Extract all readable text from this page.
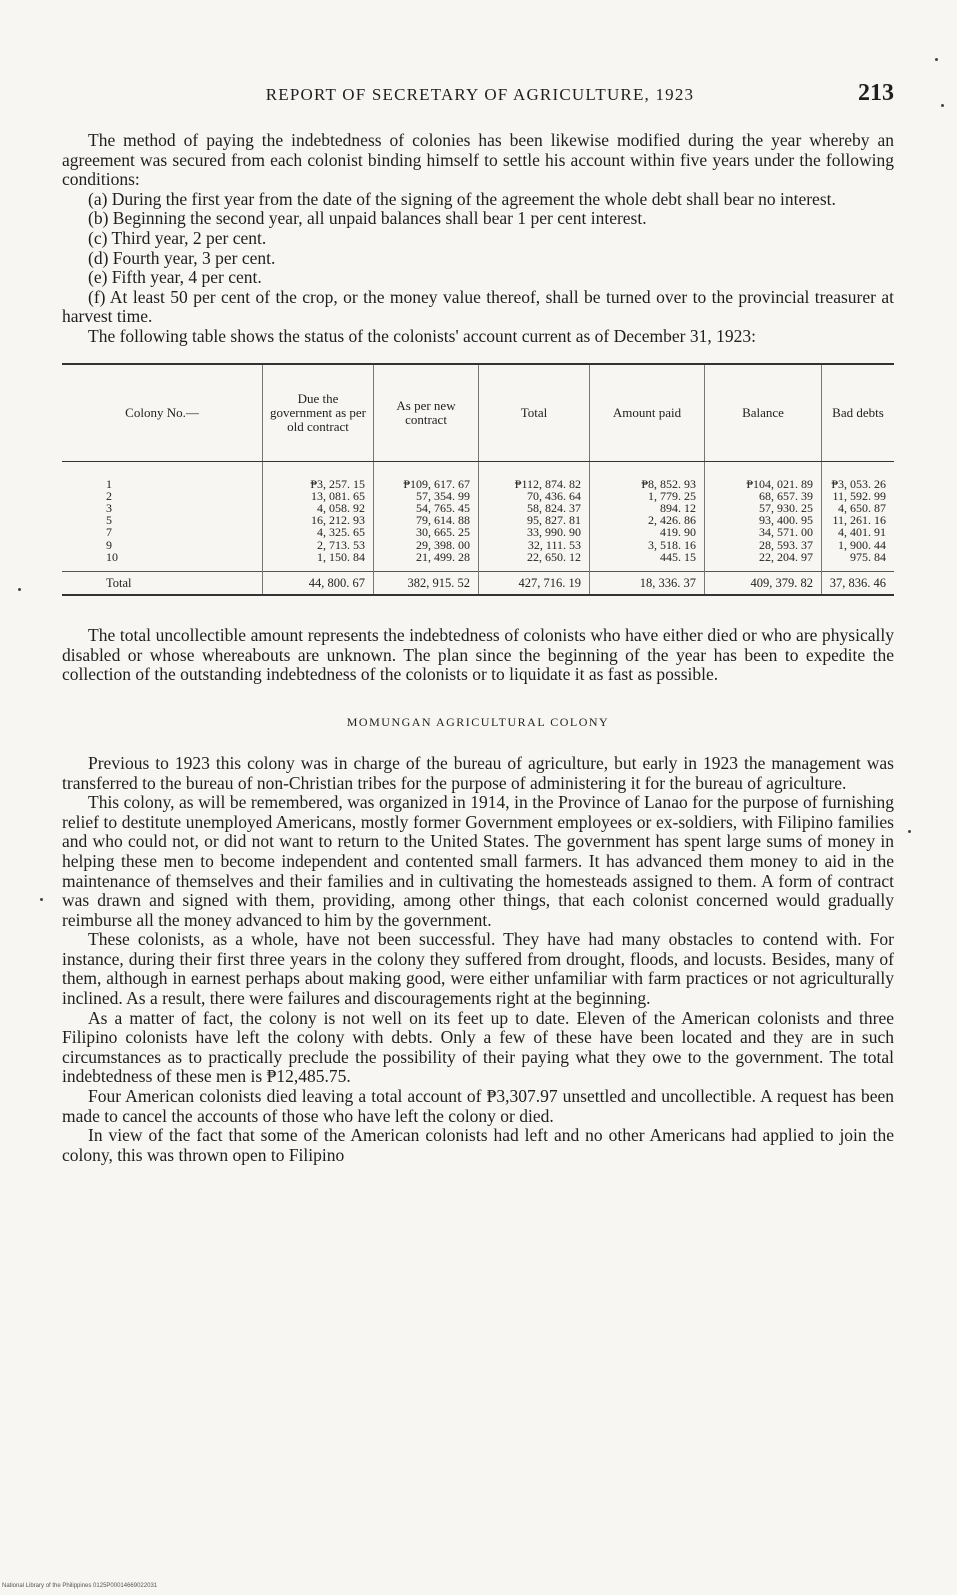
REPORT OF SECRETARY OF AGRICULTURE, 1923	213

The method of paying the indebtedness of colonies has been likewise modified during the year whereby an agreement was secured from each colonist binding himself to settle his account within five years under the following conditions:

(a) During the first year from the date of the signing of the agreement the whole debt shall bear no interest.

(b) Beginning the second year, all unpaid balances shall bear 1 per cent interest.

(c) Third year, 2 per cent.

(d) Fourth year, 3 per cent.

(e) Fifth year, 4 per cent.

(f) At least 50 per cent of the crop, or the money value thereof, shall be turned over to the provincial treasurer at harvest time.

The following table shows the status of the colonists' account current as of December 31, 1923:

Colony No.—	Due the government as per old contract	As per new contract	Total	Amount paid	Balance	Bad debts
1	₱3, 257. 15	₱109, 617. 67	₱112, 874. 82	₱8, 852. 93	₱104, 021. 89	₱3, 053. 26
2	13, 081. 65	57, 354. 99	70, 436. 64	1, 779. 25	68, 657. 39	11, 592. 99
3	4, 058. 92	54, 765. 45	58, 824. 37	894. 12	57, 930. 25	4, 650. 87
5	16, 212. 93	79, 614. 88	95, 827. 81	2, 426. 86	93, 400. 95	11, 261. 16
7	4, 325. 65	30, 665. 25	33, 990. 90	419. 90	34, 571. 00	4, 401. 91
9	2, 713. 53	29, 398. 00	32, 111. 53	3, 518. 16	28, 593. 37	1, 900. 44
10	1, 150. 84	21, 499. 28	22, 650. 12	445. 15	22, 204. 97	975. 84
Total	44, 800. 67	382, 915. 52	427, 716. 19	18, 336. 37	409, 379. 82	37, 836. 46

The total uncollectible amount represents the indebtedness of colonists who have either died or who are physically disabled or whose whereabouts are unknown. The plan since the beginning of the year has been to expedite the collection of the outstanding indebtedness of the colonists or to liquidate it as fast as possible.

MOMUNGAN AGRICULTURAL COLONY

Previous to 1923 this colony was in charge of the bureau of agriculture, but early in 1923 the management was transferred to the bureau of non-Christian tribes for the purpose of administering it for the bureau of agriculture.

This colony, as will be remembered, was organized in 1914, in the Province of Lanao for the purpose of furnishing relief to destitute unemployed Americans, mostly former Government employees or ex-soldiers, with Filipino families and who could not, or did not want to return to the United States. The government has spent large sums of money in helping these men to become independent and contented small farmers. It has advanced them money to aid in the maintenance of themselves and their families and in cultivating the homesteads assigned to them. A form of contract was drawn and signed with them, providing, among other things, that each colonist concerned would gradually reimburse all the money advanced to him by the government.

These colonists, as a whole, have not been successful. They have had many obstacles to contend with. For instance, during their first three years in the colony they suffered from drought, floods, and locusts. Besides, many of them, although in earnest perhaps about making good, were either unfamiliar with farm practices or not agriculturally inclined. As a result, there were failures and discouragements right at the beginning.

As a matter of fact, the colony is not well on its feet up to date. Eleven of the American colonists and three Filipino colonists have left the colony with debts. Only a few of these have been located and they are in such circumstances as to practically preclude the possibility of their paying what they owe to the government. The total indebtedness of these men is ₱12,485.75.

Four American colonists died leaving a total account of ₱3,307.97 unsettled and uncollectible. A request has been made to cancel the accounts of those who have left the colony or died.

In view of the fact that some of the American colonists had left and no other Americans had applied to join the colony, this was thrown open to Filipino

National Library of the Philippines 0125P00014669022031
